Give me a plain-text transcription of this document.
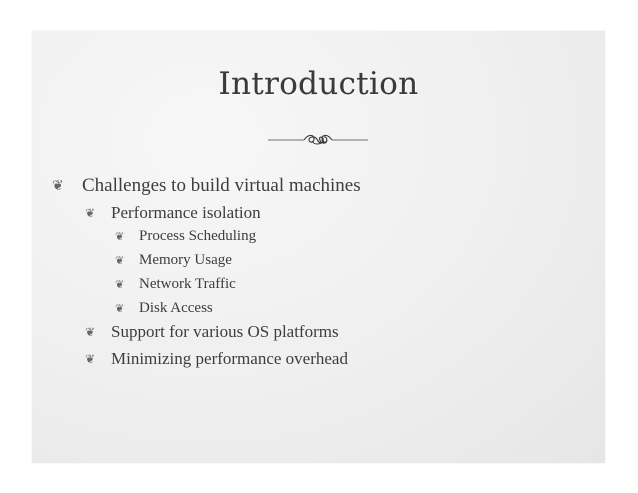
Introduction
❦ Challenges to build virtual machines
❦ Performance isolation
❦ Process Scheduling
❦ Memory Usage
❦ Network Traffic
❦ Disk Access
❦ Support for various OS platforms
❦ Minimizing performance overhead
